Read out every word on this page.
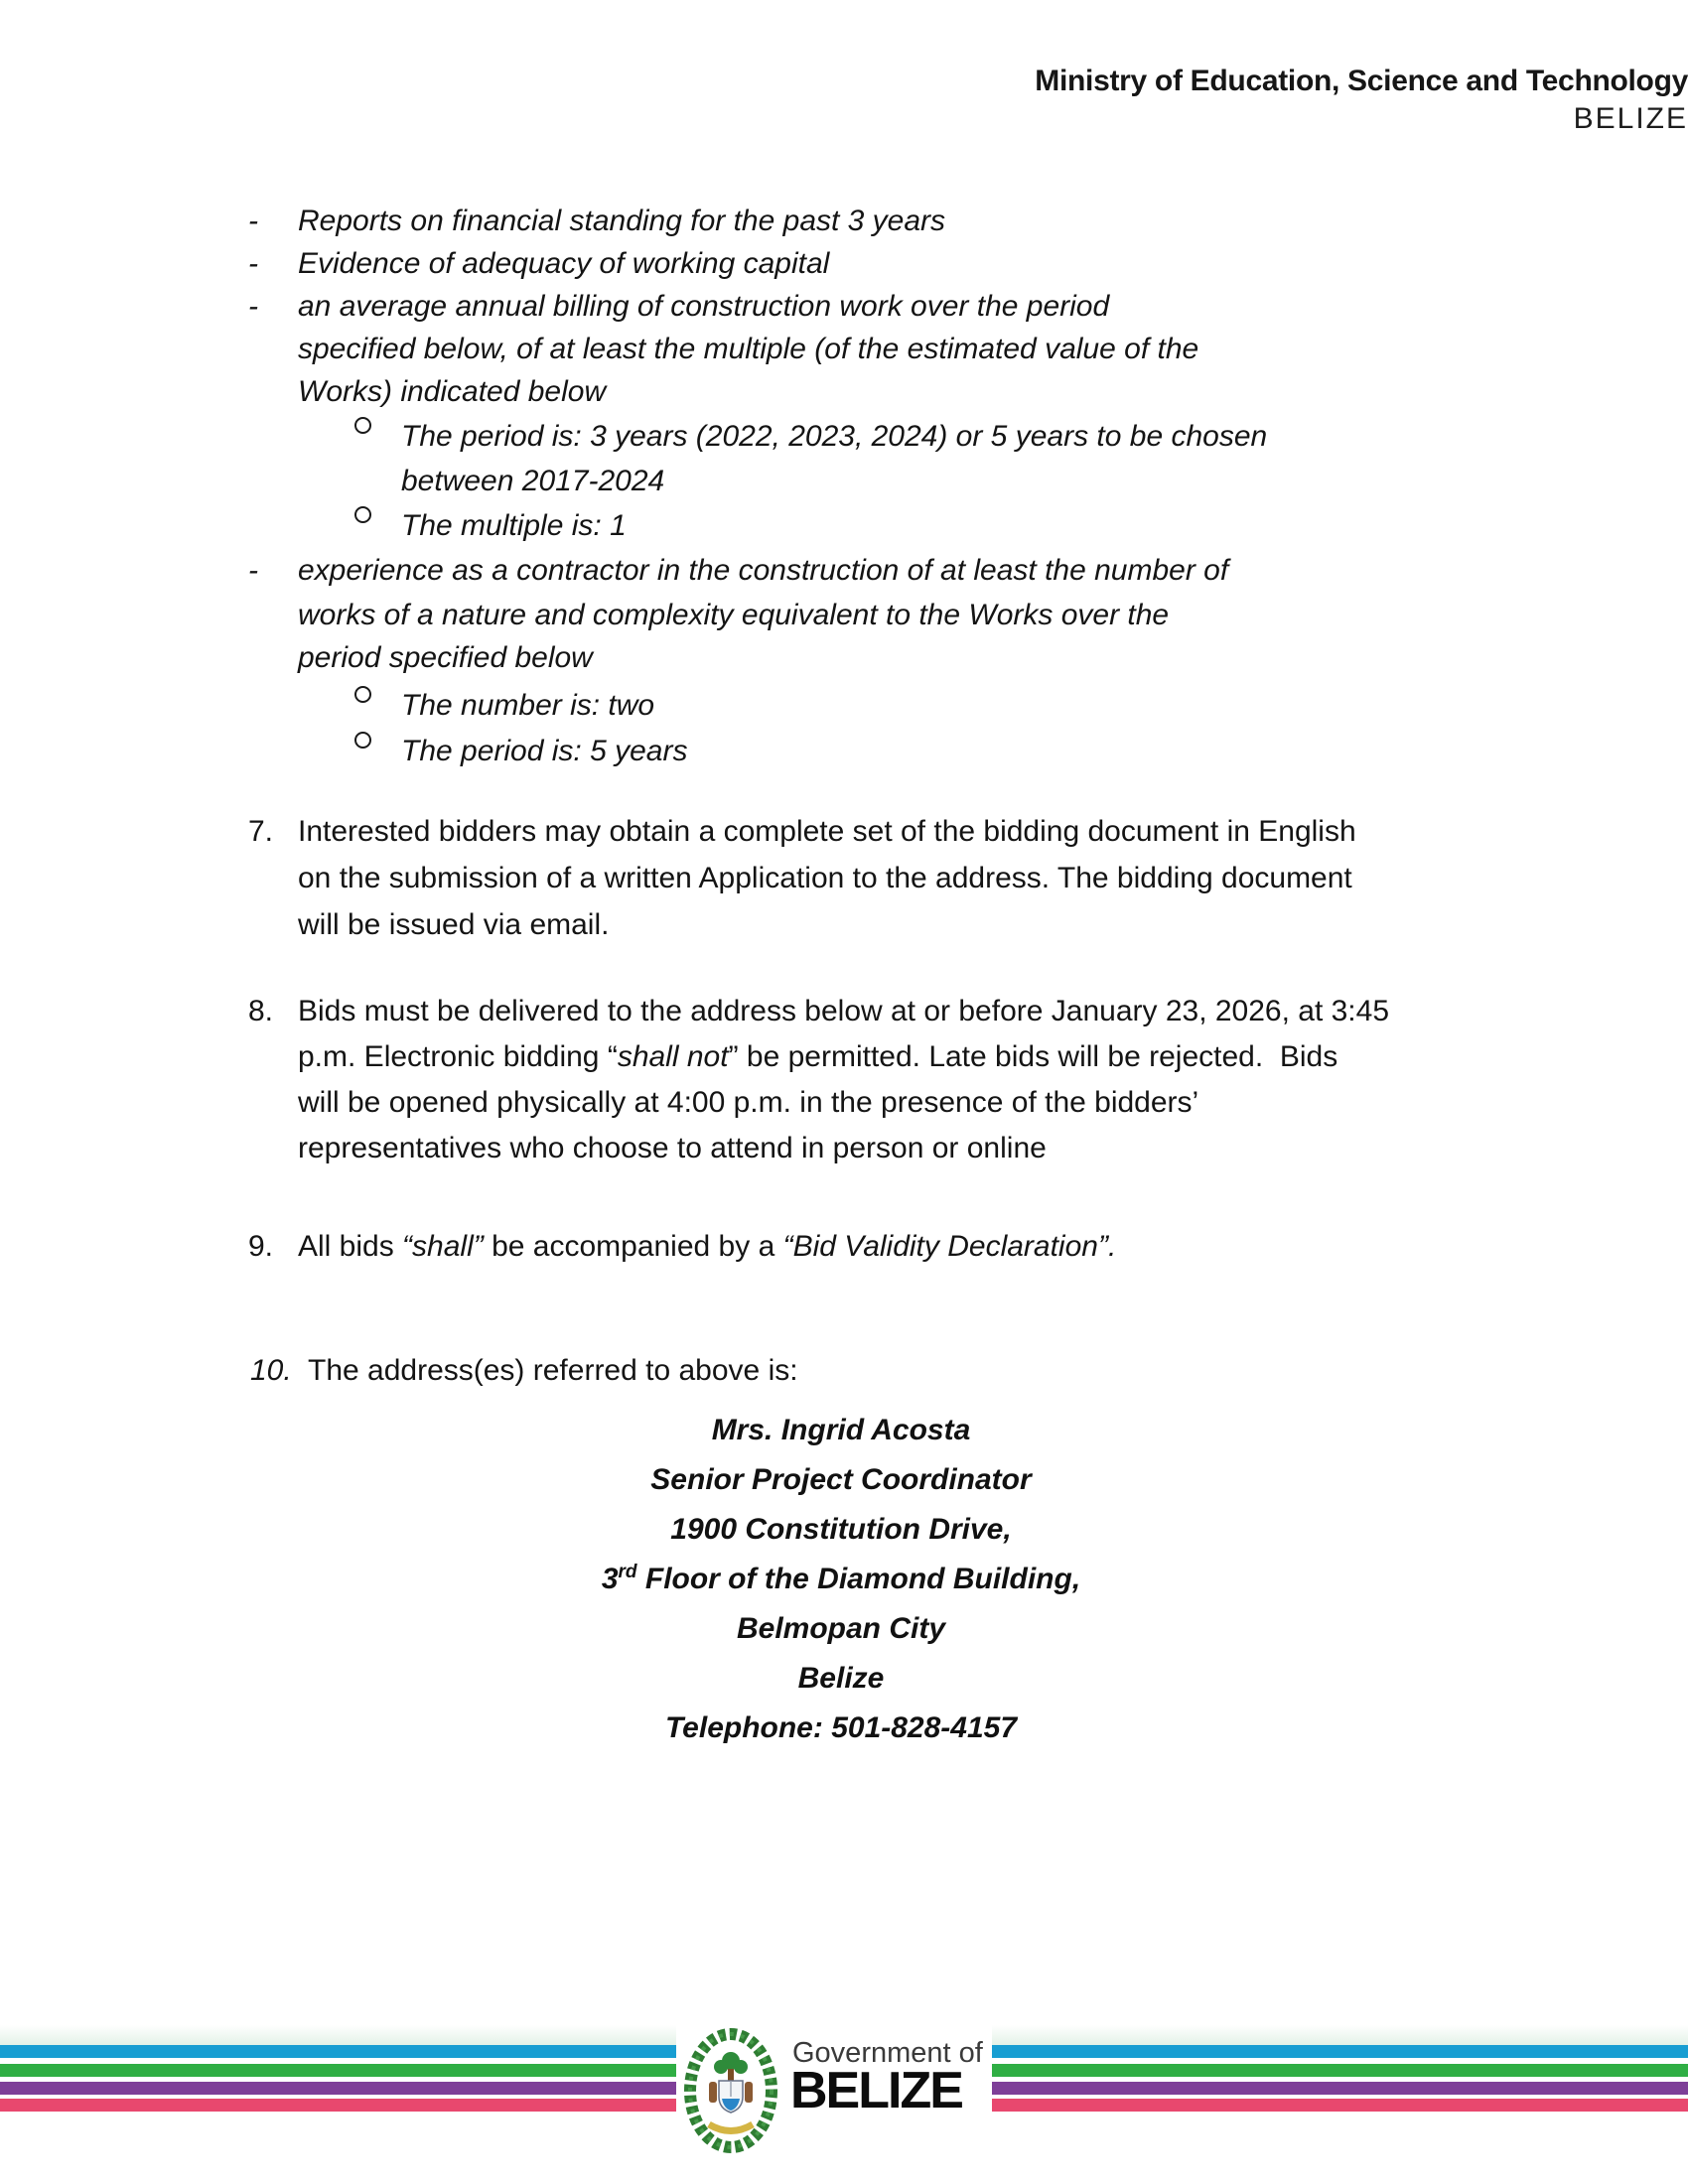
Ministry of Education, Science and Technology
BELIZE
- Reports on financial standing for the past 3 years
- Evidence of adequacy of working capital
- an average annual billing of construction work over the period
specified below, of at least the multiple (of the estimated value of the
Works) indicated below
The period is: 3 years (2022, 2023, 2024) or 5 years to be chosen
between 2017-2024
The multiple is: 1
- experience as a contractor in the construction of at least the number of
works of a nature and complexity equivalent to the Works over the
period specified below
The number is: two
The period is: 5 years
7. Interested bidders may obtain a complete set of the bidding document in English
on the submission of a written Application to the address. The bidding document
will be issued via email.
8. Bids must be delivered to the address below at or before January 23, 2026, at 3:45
p.m. Electronic bidding “shall not” be permitted. Late bids will be rejected.  Bids
will be opened physically at 4:00 p.m. in the presence of the bidders’
representatives who choose to attend in person or online
9. All bids “shall” be accompanied by a “Bid Validity Declaration”.
10. The address(es) referred to above is:
Mrs. Ingrid Acosta
Senior Project Coordinator
1900 Constitution Drive,
3rd Floor of the Diamond Building,
Belmopan City
Belize
Telephone: 501-828-4157
Government of
BELIZE
